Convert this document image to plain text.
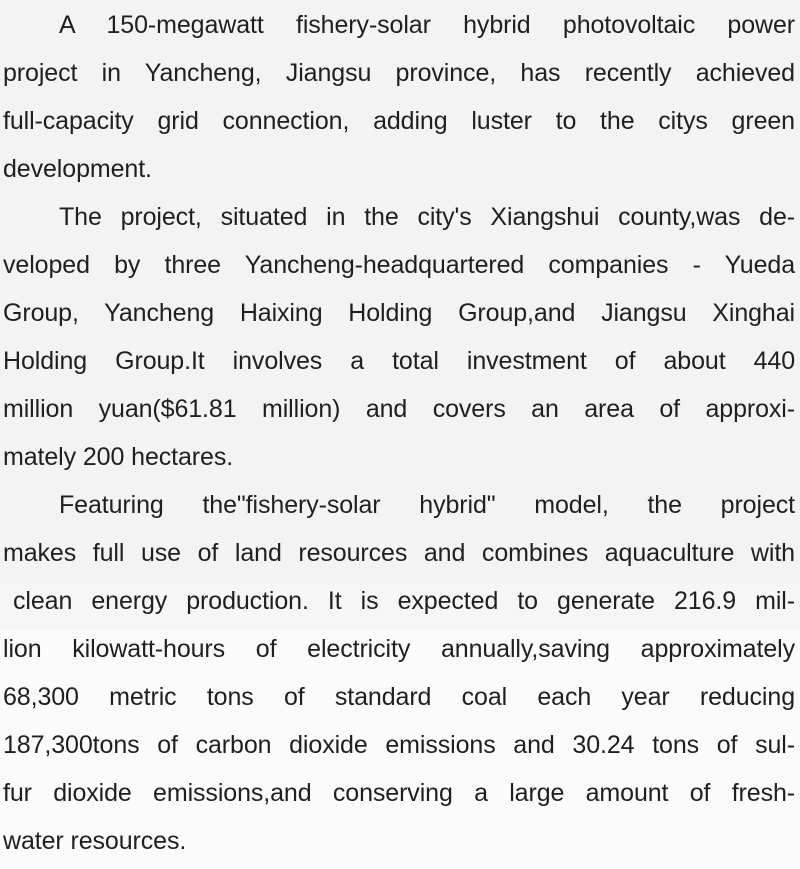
A 150-megawatt fishery-solar hybrid photovoltaic power
project in Yancheng, Jiangsu province, has recently achieved
full-capacity grid connection, adding luster to the citys green
development.
The project, situated in the city's Xiangshui county,was de-
veloped by three Yancheng-headquartered companies - Yueda
Group, Yancheng Haixing Holding Group,and Jiangsu Xinghai
Holding Group.It involves a total investment of about 440
million yuan($61.81 million) and covers an area of approxi-
mately 200 hectares.
Featuring the"fishery-solar hybrid" model, the project
makes full use of land resources and combines aquaculture with
clean energy production. It is expected to generate 216.9 mil-
lion kilowatt-hours of electricity annually,saving approximately
68,300 metric tons of standard coal each year reducing
187,300tons of carbon dioxide emissions and 30.24 tons of sul-
fur dioxide emissions,and conserving a large amount of fresh-
water resources.
